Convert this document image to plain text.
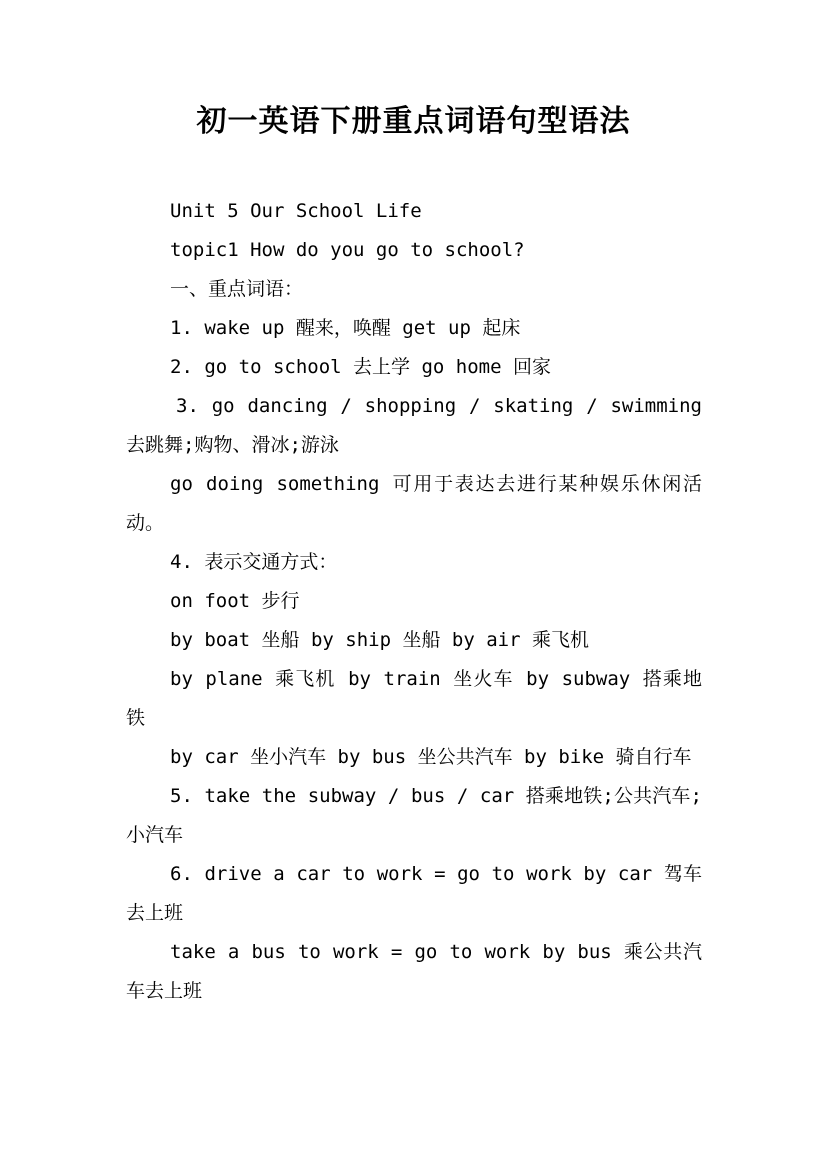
初一英语下册重点词语句型语法

Unit 5 Our School Life

topic1 How do you go to school?

一、重点词语：

1. wake up 醒来，唤醒 get up 起床

2. go to school 去上学 go home 回家

3. go dancing / shopping / skating / swimming 去跳舞;购物、滑冰;游泳

go doing something 可用于表达去进行某种娱乐休闲活动。

4. 表示交通方式：

on foot 步行

by boat 坐船 by ship 坐船 by air 乘飞机

by plane 乘飞机 by train 坐火车 by subway 搭乘地铁

by car 坐小汽车 by bus 坐公共汽车 by bike 骑自行车

5. take the subway / bus / car 搭乘地铁;公共汽车;小汽车

6. drive a car to work = go to work by car 驾车去上班

take a bus to work = go to work by bus 乘公共汽车去上班
